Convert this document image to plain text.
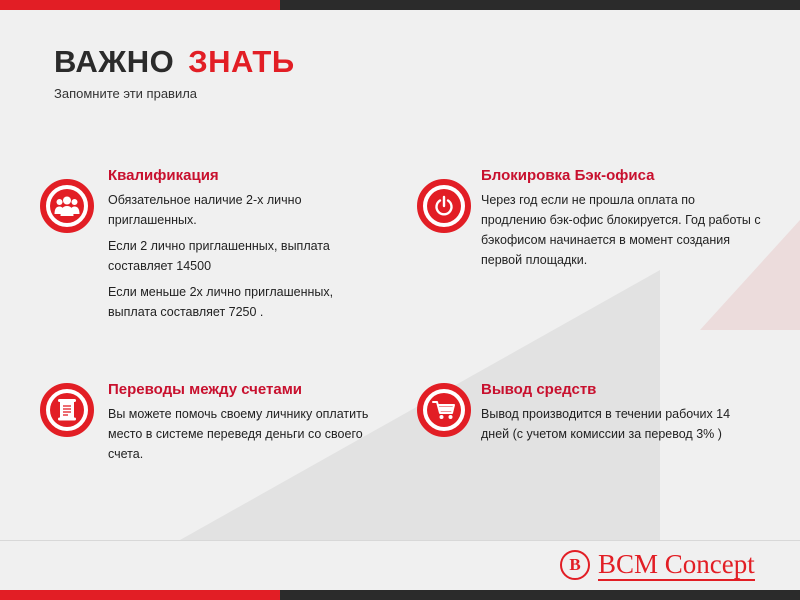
ВАЖНО ЗНАТЬ
Запомните эти правила
Квалификация

Обязательное наличие 2-х лично приглашенных.

Если 2 лично приглашенных, выплата составляет 14500

Если меньше 2х лично приглашенных, выплата составляет 7250 .

Блокировка Бэк-офиса

Через год если не прошла оплата по продлению бэк-офис блокируется. Год работы с бэкофисом начинается в момент создания первой площадки.

Переводы между счетами

Вы можете помочь своему личнику оплатить место в системе переведя деньги со своего счета.

Вывод средств

Вывод производится в течении рабочих 14 дней (с учетом комиссии за перевод 3% )

B BCM Concept
